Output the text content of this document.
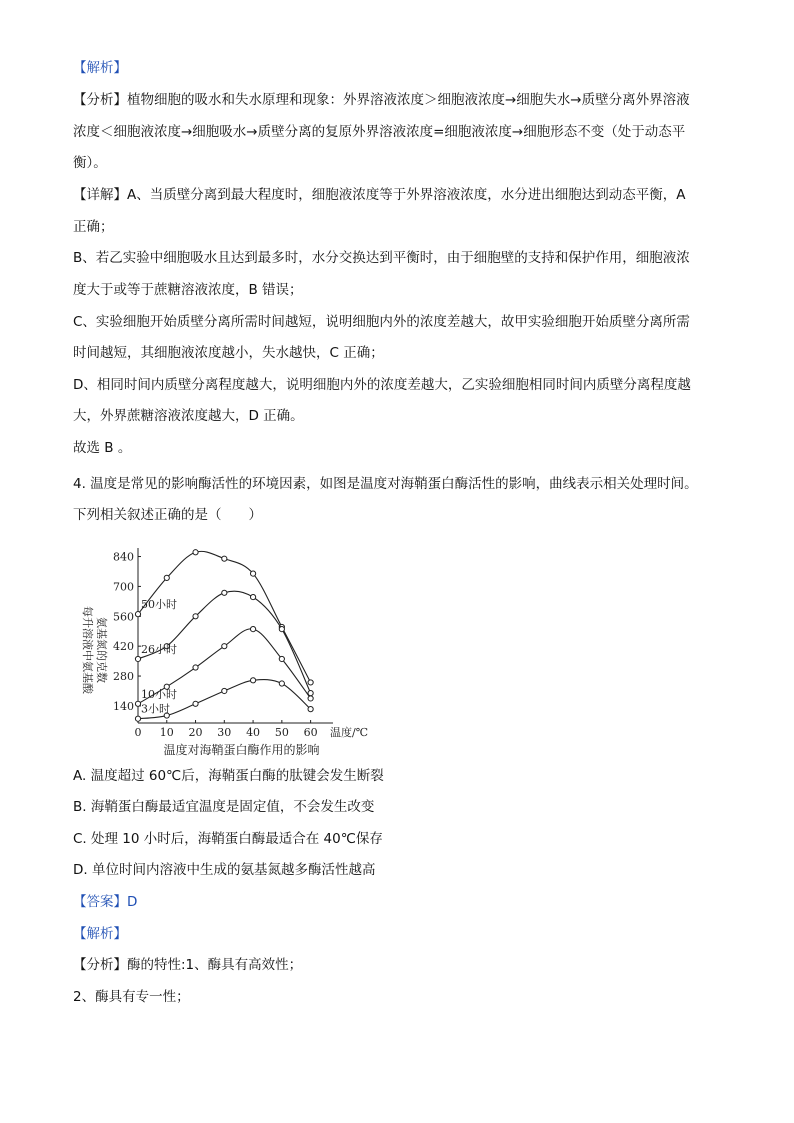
【解析】
【分析】植物细胞的吸水和失水原理和现象：外界溶液浓度＞细胞液浓度→细胞失水→质壁分离外界溶液
浓度＜细胞液浓度→细胞吸水→质壁分离的复原外界溶液浓度=细胞液浓度→细胞形态不变（处于动态平
衡）。
【详解】A、当质壁分离到最大程度时，细胞液浓度等于外界溶液浓度，水分进出细胞达到动态平衡，A
正确；
B、若乙实验中细胞吸水且达到最多时，水分交换达到平衡时，由于细胞壁的支持和保护作用，细胞液浓
度大于或等于蔗糖溶液浓度，B 错误；
C、实验细胞开始质壁分离所需时间越短，说明细胞内外的浓度差越大，故甲实验细胞开始质壁分离所需
时间越短，其细胞液浓度越小，失水越快，C 正确；
D、相同时间内质壁分离程度越大，说明细胞内外的浓度差越大，乙实验细胞相同时间内质壁分离程度越
大，外界蔗糖溶液浓度越大，D 正确。
故选 B 。
4. 温度是常见的影响酶活性的环境因素，如图是温度对海鞘蛋白酶活性的影响，曲线表示相关处理时间。
下列相关叙述正确的是（　　）
0 10 20 30 40 50 60
140
280
420
560
700
840
温度/℃
温度对海鞘蛋白酶作用的影响
每升溶液中氨基酸 氨基氮的克数
50小时
26小时
10小时
3小时
A. 温度超过 60℃后，海鞘蛋白酶的肽键会发生断裂
B. 海鞘蛋白酶最适宜温度是固定值，不会发生改变
C. 处理 10 小时后，海鞘蛋白酶最适合在 40℃保存
D. 单位时间内溶液中生成的氨基氮越多酶活性越高
【答案】D
【解析】
【分析】酶的特性:1、酶具有高效性；
2、酶具有专一性；
